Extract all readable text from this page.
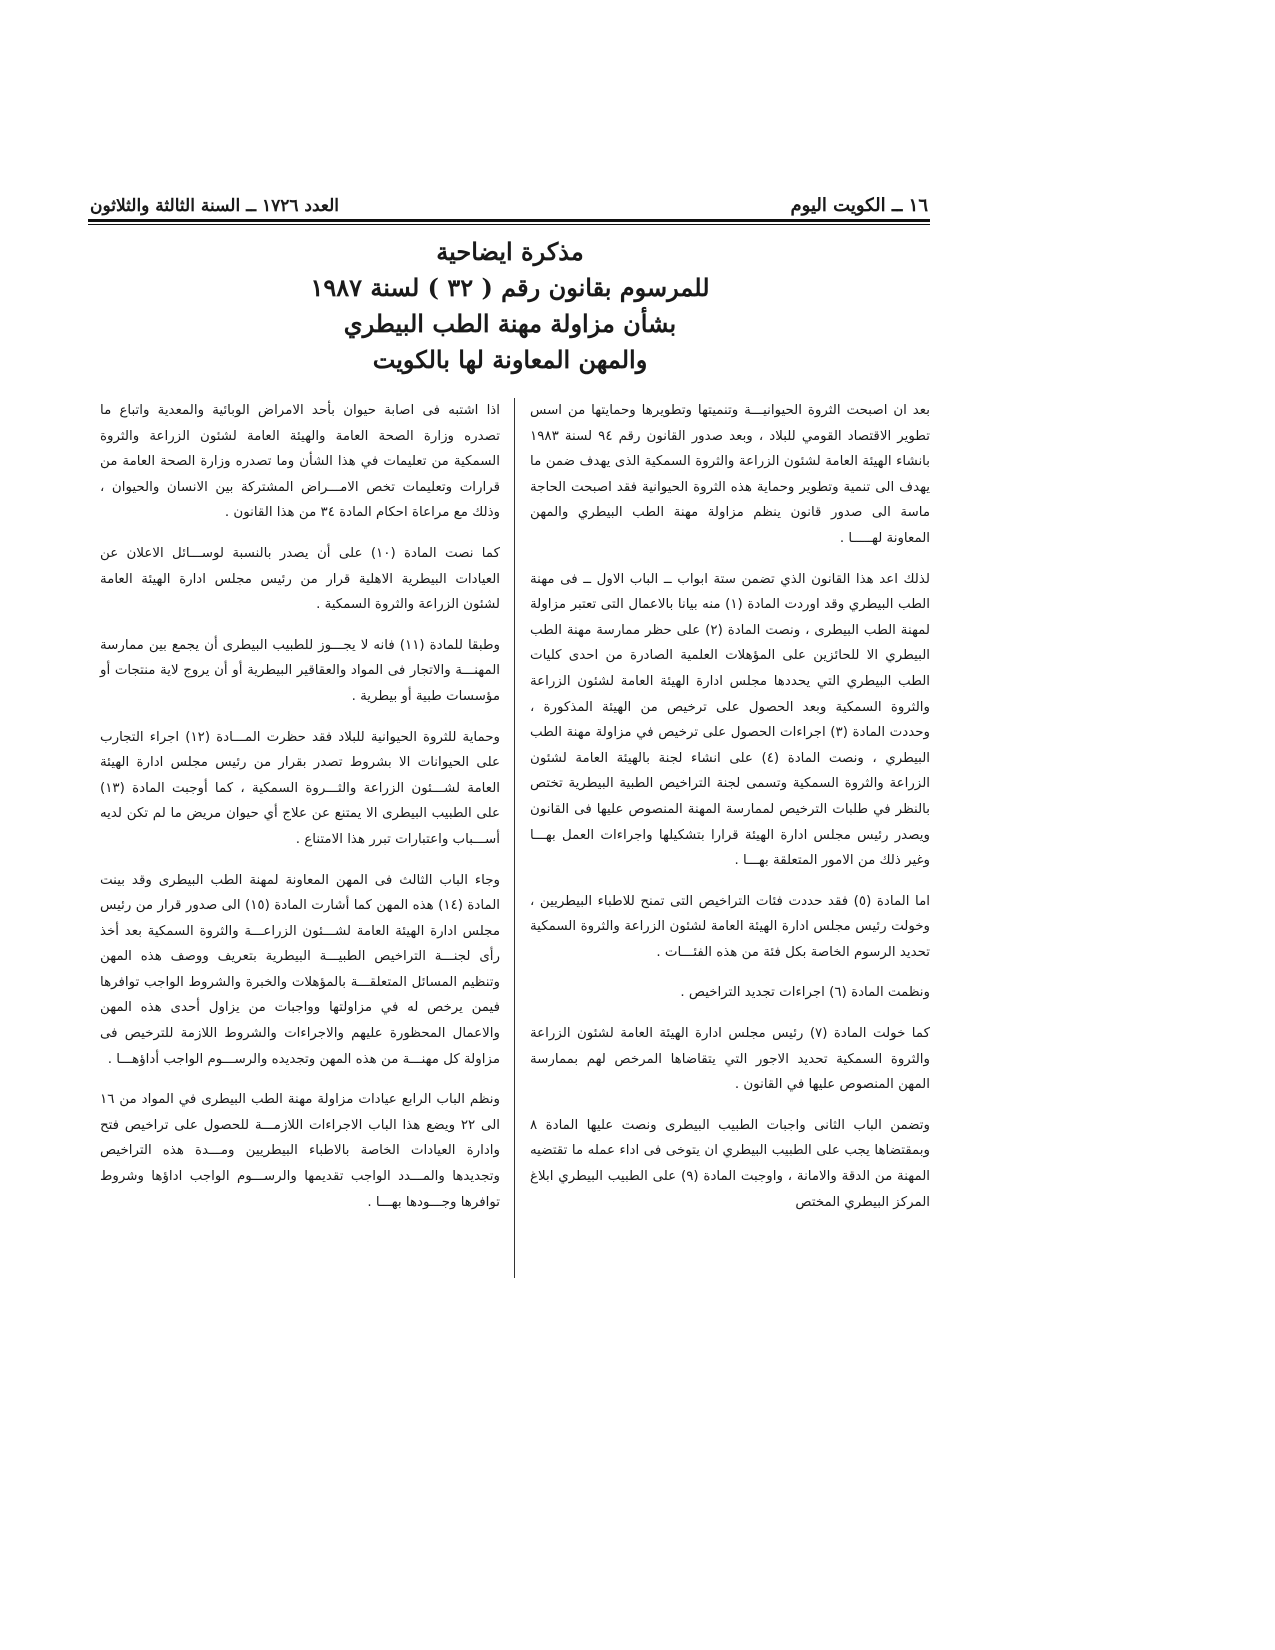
١٦ ــ الكويت اليوم
العدد ١٧٢٦ ــ السنة الثالثة والثلاثون
مذكرة ايضاحية
للمرسوم بقانون رقم ( ٣٢ ) لسنة ١٩٨٧
بشأن مزاولة مهنة الطب البيطري
والمهن المعاونة لها بالكويت

بعد ان اصبحت الثروة الحيوانيـــة وتنميتها وتطويرها وحمايتها من اسس تطوير الاقتصاد القومي للبلاد ، وبعد صدور القانون رقم ٩٤ لسنة ١٩٨٣ بانشاء الهيئة العامة لشئون الزراعة والثروة السمكية الذى يهدف ضمن ما يهدف الى تنمية وتطوير وحماية هذه الثروة الحيوانية فقد اصبحت الحاجة ماسة الى صدور قانون ينظم مزاولة مهنة الطب البيطري والمهن المعاونة لهـــــا .

لذلك اعد هذا القانون الذي تضمن ستة ابواب ــ الباب الاول ــ فى مهنة الطب البيطري وقد اوردت المادة (١) منه بيانا بالاعمال التى تعتبر مزاولة لمهنة الطب البيطرى ، ونصت المادة (٢) على حظر ممارسة مهنة الطب البيطري الا للحائزين على المؤهلات العلمية الصادرة من احدى كليات الطب البيطري التي يحددها مجلس ادارة الهيئة العامة لشئون الزراعة والثروة السمكية وبعد الحصول على ترخيص من الهيئة المذكورة ، وحددت المادة (٣) اجراءات الحصول على ترخيص في مزاولة مهنة الطب البيطري ، ونصت المادة (٤) على انشاء لجنة بالهيئة العامة لشئون الزراعة والثروة السمكية وتسمى لجنة التراخيص الطبية البيطرية تختص بالنظر في طلبات الترخيص لممارسة المهنة المنصوص عليها فى القانون ويصدر رئيس مجلس ادارة الهيئة قرارا بتشكيلها واجراءات العمل بهـــا وغير ذلك من الامور المتعلقة بهـــا .

اما المادة (٥) فقد حددت فئات التراخيص التى تمنح للاطباء البيطريين ، وخولت رئيس مجلس ادارة الهيئة العامة لشئون الزراعة والثروة السمكية تحديد الرسوم الخاصة بكل فئة من هذه الفئـــات .

ونظمت المادة (٦) اجراءات تجديد التراخيص .

كما خولت المادة (٧) رئيس مجلس ادارة الهيئة العامة لشئون الزراعة والثروة السمكية تحديد الاجور التي يتقاضاها المرخص لهم بممارسة المهن المنصوص عليها في القانون .

وتضمن الباب الثانى واجبات الطبيب البيطرى ونصت عليها المادة ٨ وبمقتضاها يجب على الطبيب البيطري ان يتوخى فى اداء عمله ما تقتضيه المهنة من الدقة والامانة ، واوجبت المادة (٩) على الطبيب البيطري ابلاغ المركز البيطري المختص

اذا اشتبه فى اصابة حيوان بأحد الامراض الوبائية والمعدية واتباع ما تصدره وزارة الصحة العامة والهيئة العامة لشئون الزراعة والثروة السمكية من تعليمات في هذا الشأن وما تصدره وزارة الصحة العامة من قرارات وتعليمات تخص الامـــراض المشتركة بين الانسان والحيوان ، وذلك مع مراعاة احكام المادة ٣٤ من هذا القانون .

كما نصت المادة (١٠) على أن يصدر بالنسبة لوســـائل الاعلان عن العيادات البيطرية الاهلية قرار من رئيس مجلس ادارة الهيئة العامة لشئون الزراعة والثروة السمكية .

وطبقا للمادة (١١) فانه لا يجـــوز للطبيب البيطرى أن يجمع بين ممارسة المهنـــة والاتجار فى المواد والعقاقير البيطرية أو أن يروج لاية منتجات أو مؤسسات طبية أو بيطرية .

وحماية للثروة الحيوانية للبلاد فقد حظرت المـــادة (١٢) اجراء التجارب على الحيوانات الا بشروط تصدر بقرار من رئيس مجلس ادارة الهيئة العامة لشـــئون الزراعة والثـــروة السمكية ، كما أوجبت المادة (١٣) على الطبيب البيطرى الا يمتنع عن علاج أي حيوان مريض ما لم تكن لديه أســـباب واعتبارات تبرر هذا الامتناع .

وجاء الباب الثالث فى المهن المعاونة لمهنة الطب البيطرى وقد بينت المادة (١٤) هذه المهن كما أشارت المادة (١٥) الى صدور قرار من رئيس مجلس ادارة الهيئة العامة لشـــئون الزراعـــة والثروة السمكية بعد أخذ رأى لجنـــة التراخيص الطبيـــة البيطرية بتعريف ووصف هذه المهن وتنظيم المسائل المتعلقـــة بالمؤهلات والخبرة والشروط الواجب توافرها فيمن يرخص له في مزاولتها وواجبات من يزاول أحدى هذه المهن والاعمال المحظورة عليهم والاجراءات والشروط اللازمة للترخيص فى مزاولة كل مهنـــة من هذه المهن وتجديده والرســـوم الواجب أداؤهـــا .

ونظم الباب الرابع عيادات مزاولة مهنة الطب البيطرى في المواد من ١٦ الى ٢٢ ويضع هذا الباب الاجراءات اللازمـــة للحصول على تراخيص فتح وادارة العيادات الخاصة بالاطباء البيطريين ومـــدة هذه التراخيص وتجديدها والمـــدد الواجب تقديمها والرســـوم الواجب اداؤها وشروط توافرها وجـــودها بهـــا .
